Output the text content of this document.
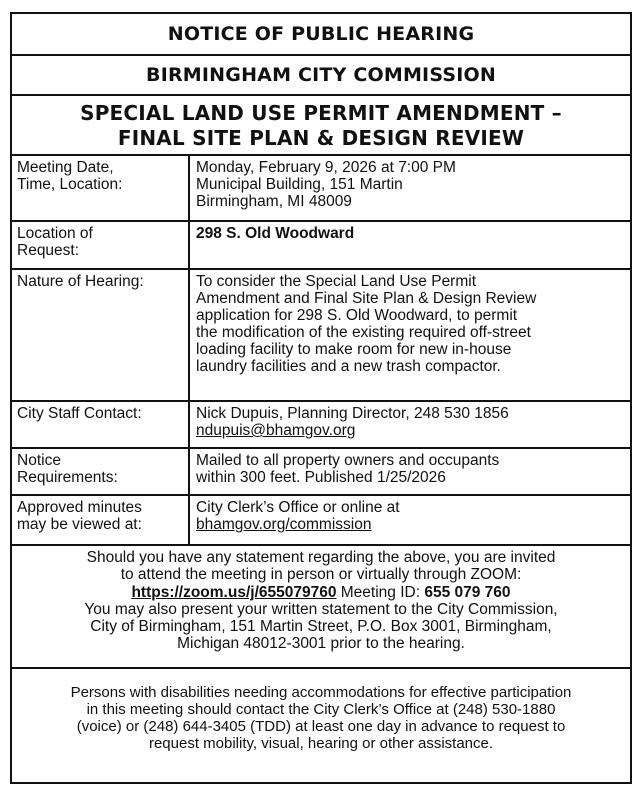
NOTICE OF PUBLIC HEARING
BIRMINGHAM CITY COMMISSION
SPECIAL LAND USE PERMIT AMENDMENT –
FINAL SITE PLAN & DESIGN REVIEW
Meeting Date,
Time, Location:
Monday, February 9, 2026 at 7:00 PM
Municipal Building, 151 Martin
Birmingham, MI 48009
Location of
Request:
298 S. Old Woodward
Nature of Hearing:	To consider the Special Land Use Permit
Amendment and Final Site Plan & Design Review
application for 298 S. Old Woodward, to permit
the modification of the existing required off-street
loading facility to make room for new in-house
laundry facilities and a new trash compactor.
City Staff Contact:	Nick Dupuis, Planning Director, 248 530 1856
ndupuis@bhamgov.org
Notice
Requirements:
Mailed to all property owners and occupants
within 300 feet. Published 1/25/2026
Approved minutes
may be viewed at:
City Clerk’s Office or online at
bhamgov.org/commission
Should you have any statement regarding the above, you are invited
to attend the meeting in person or virtually through ZOOM:
https://zoom.us/j/655079760 Meeting ID: 655 079 760
You may also present your written statement to the City Commission,
City of Birmingham, 151 Martin Street, P.O. Box 3001, Birmingham,
Michigan 48012-3001 prior to the hearing.
Persons with disabilities needing accommodations for effective participation
in this meeting should contact the City Clerk’s Office at (248) 530-1880
(voice) or (248) 644-3405 (TDD) at least one day in advance to request to
request mobility, visual, hearing or other assistance.
